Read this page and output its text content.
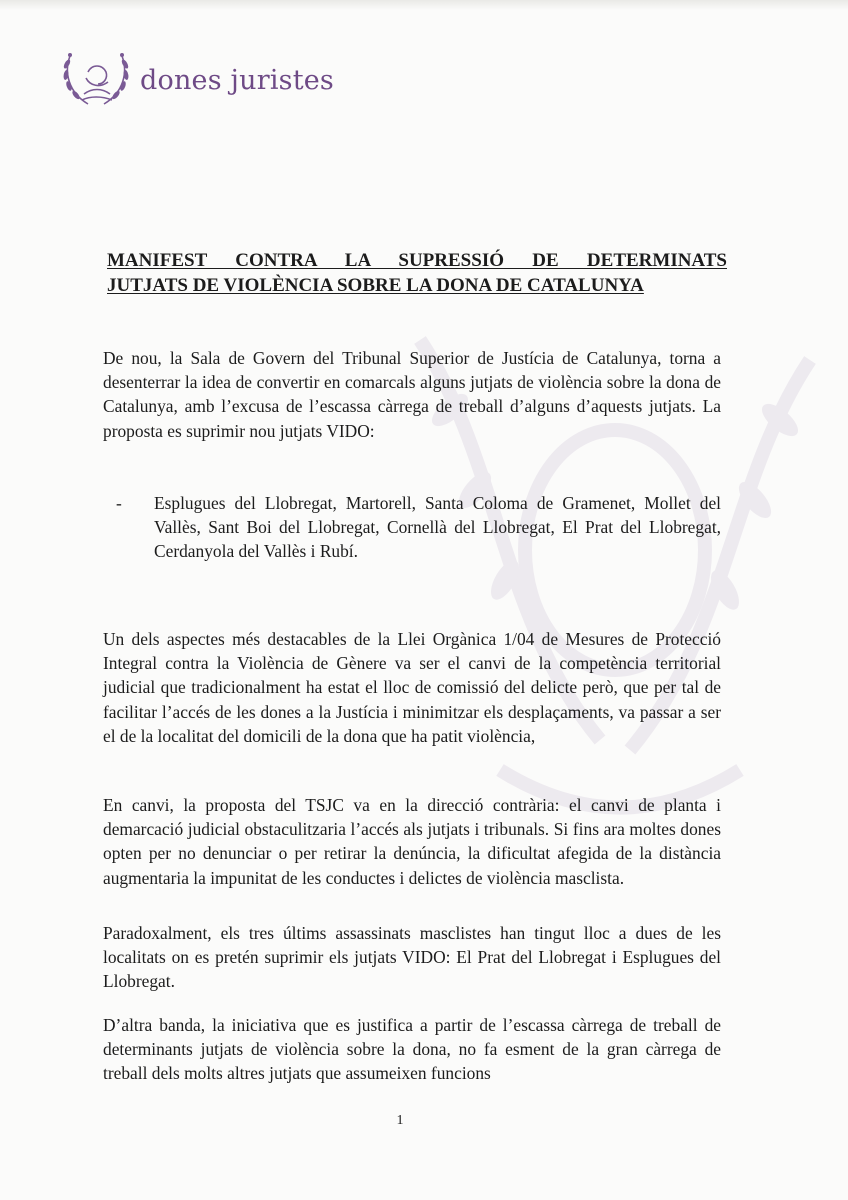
dones juristes
MANIFEST CONTRA LA SUPRESSIÓ DE DETERMINATS
JUTJATS DE VIOLÈNCIA SOBRE LA DONA DE CATALUNYA

De nou, la Sala de Govern del Tribunal Superior de Justícia de Catalunya, torna a desenterrar la idea de convertir en comarcals alguns jutjats de violència sobre la dona de Catalunya, amb l’excusa de l’escassa càrrega de treball d’alguns d’aquests jutjats. La proposta es suprimir nou jutjats VIDO:

-	Esplugues del Llobregat, Martorell, Santa Coloma de Gramenet, Mollet del Vallès, Sant Boi del Llobregat, Cornellà del Llobregat, El Prat del Llobregat, Cerdanyola del Vallès i Rubí.

Un dels aspectes més destacables de la Llei Orgànica 1/04 de Mesures de Protecció Integral contra la Violència de Gènere va ser el canvi de la competència territorial judicial que tradicionalment ha estat el lloc de comissió del delicte però, que per tal de facilitar l’accés de les dones a la Justícia i minimitzar els desplaçaments, va passar a ser el de la localitat del domicili de la dona que ha patit violència,

En canvi, la proposta del TSJC va en la direcció contrària: el canvi de planta i demarcació judicial obstaculitzaria l’accés als jutjats i tribunals. Si fins ara moltes dones opten per no denunciar o per retirar la denúncia, la dificultat afegida de la distància augmentaria la impunitat de les conductes i delictes de violència masclista.

Paradoxalment, els tres últims assassinats masclistes han tingut lloc a dues de les localitats on es pretén suprimir els jutjats VIDO: El Prat del Llobregat i Esplugues del Llobregat.

D’altra banda, la iniciativa que es justifica a partir de l’escassa càrrega de treball de determinants jutjats de violència sobre la dona, no fa esment de la gran càrrega de treball dels molts altres jutjats que assumeixen funcions

1
